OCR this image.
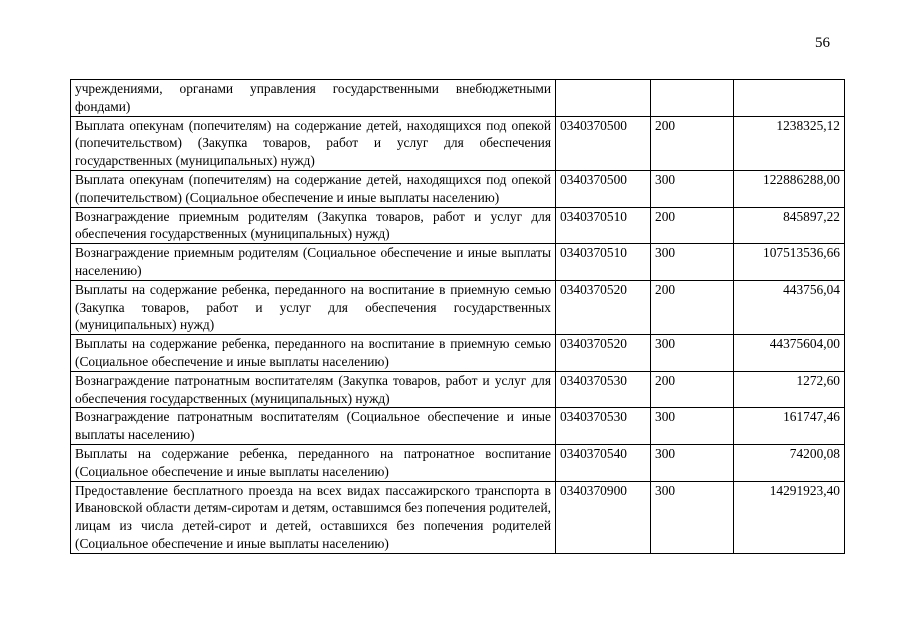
56
учреждениями, органами управления государственными внебюджетными фондами)			
Выплата опекунам (попечителям) на содержание детей, находящихся под опекой (попечительством) (Закупка товаров, работ и услуг для обеспечения государственных (муниципальных) нужд)	0340370500	200	1238325,12
Выплата опекунам (попечителям) на содержание детей, находящихся под опекой (попечительством) (Социальное обеспечение и иные выплаты населению)	0340370500	300	122886288,00
Вознаграждение приемным родителям (Закупка товаров, работ и услуг для обеспечения государственных (муниципальных) нужд)	0340370510	200	845897,22
Вознаграждение приемным родителям (Социальное обеспечение и иные выплаты населению)	0340370510	300	107513536,66
Выплаты на содержание ребенка, переданного на воспитание в приемную семью (Закупка товаров, работ и услуг для обеспечения государственных (муниципальных) нужд)	0340370520	200	443756,04
Выплаты на содержание ребенка, переданного на воспитание в приемную семью (Социальное обеспечение и иные выплаты населению)	0340370520	300	44375604,00
Вознаграждение патронатным воспитателям (Закупка товаров, работ и услуг для обеспечения государственных (муниципальных) нужд)	0340370530	200	1272,60
Вознаграждение патронатным воспитателям (Социальное обеспечение и иные выплаты населению)	0340370530	300	161747,46
Выплаты на содержание ребенка, переданного на патронатное воспитание (Социальное обеспечение и иные выплаты населению)	0340370540	300	74200,08
Предоставление бесплатного проезда на всех видах пассажирского транспорта в Ивановской области детям-сиротам и детям, оставшимся без попечения родителей, лицам из числа детей-сирот и детей, оставшихся без попечения родителей (Социальное обеспечение и иные выплаты населению)	0340370900	300	14291923,40
